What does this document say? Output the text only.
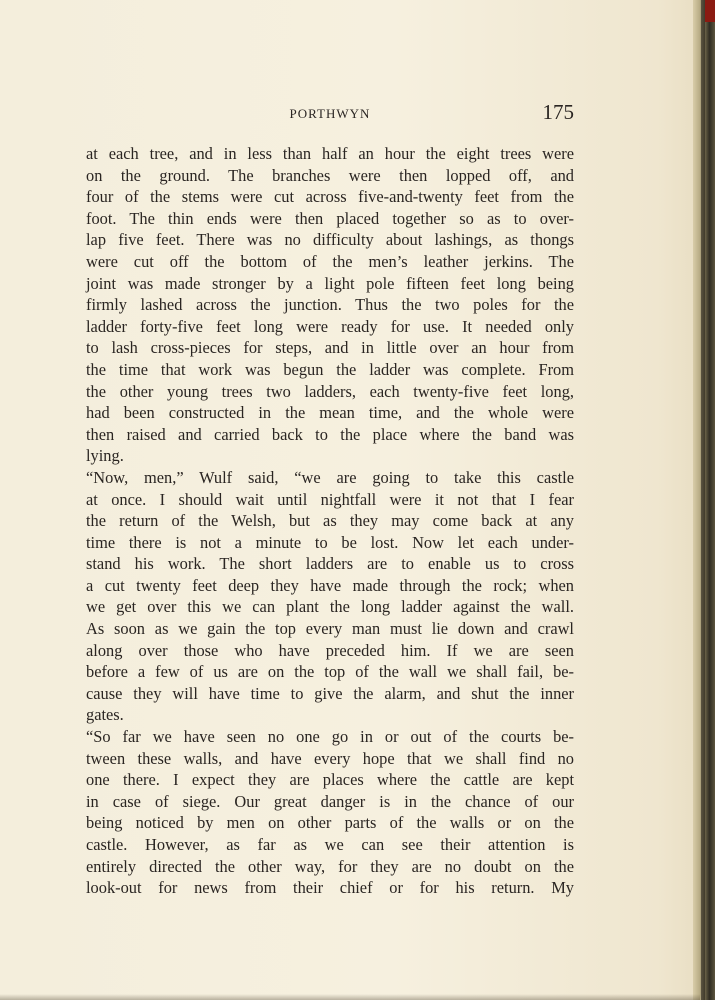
PORTHWYN	175
at each tree, and in less than half an hour the eight trees were
on the ground. The branches were then lopped off, and
four of the stems were cut across five-and-twenty feet from the
foot. The thin ends were then placed together so as to over-
lap five feet. There was no difficulty about lashings, as thongs
were cut off the bottom of the men’s leather jerkins. The
joint was made stronger by a light pole fifteen feet long being
firmly lashed across the junction. Thus the two poles for the
ladder forty-five feet long were ready for use. It needed only
to lash cross-pieces for steps, and in little over an hour from
the time that work was begun the ladder was complete. From
the other young trees two ladders, each twenty-five feet long,
had been constructed in the mean time, and the whole were
then raised and carried back to the place where the band was
lying.
“Now, men,” Wulf said, “we are going to take this castle
at once. I should wait until nightfall were it not that I fear
the return of the Welsh, but as they may come back at any
time there is not a minute to be lost. Now let each under-
stand his work. The short ladders are to enable us to cross
a cut twenty feet deep they have made through the rock; when
we get over this we can plant the long ladder against the wall.
As soon as we gain the top every man must lie down and crawl
along over those who have preceded him. If we are seen
before a few of us are on the top of the wall we shall fail, be-
cause they will have time to give the alarm, and shut the inner
gates.
“So far we have seen no one go in or out of the courts be-
tween these walls, and have every hope that we shall find no
one there. I expect they are places where the cattle are kept
in case of siege. Our great danger is in the chance of our
being noticed by men on other parts of the walls or on the
castle. However, as far as we can see their attention is
entirely directed the other way, for they are no doubt on the
look-out for news from their chief or for his return. My
